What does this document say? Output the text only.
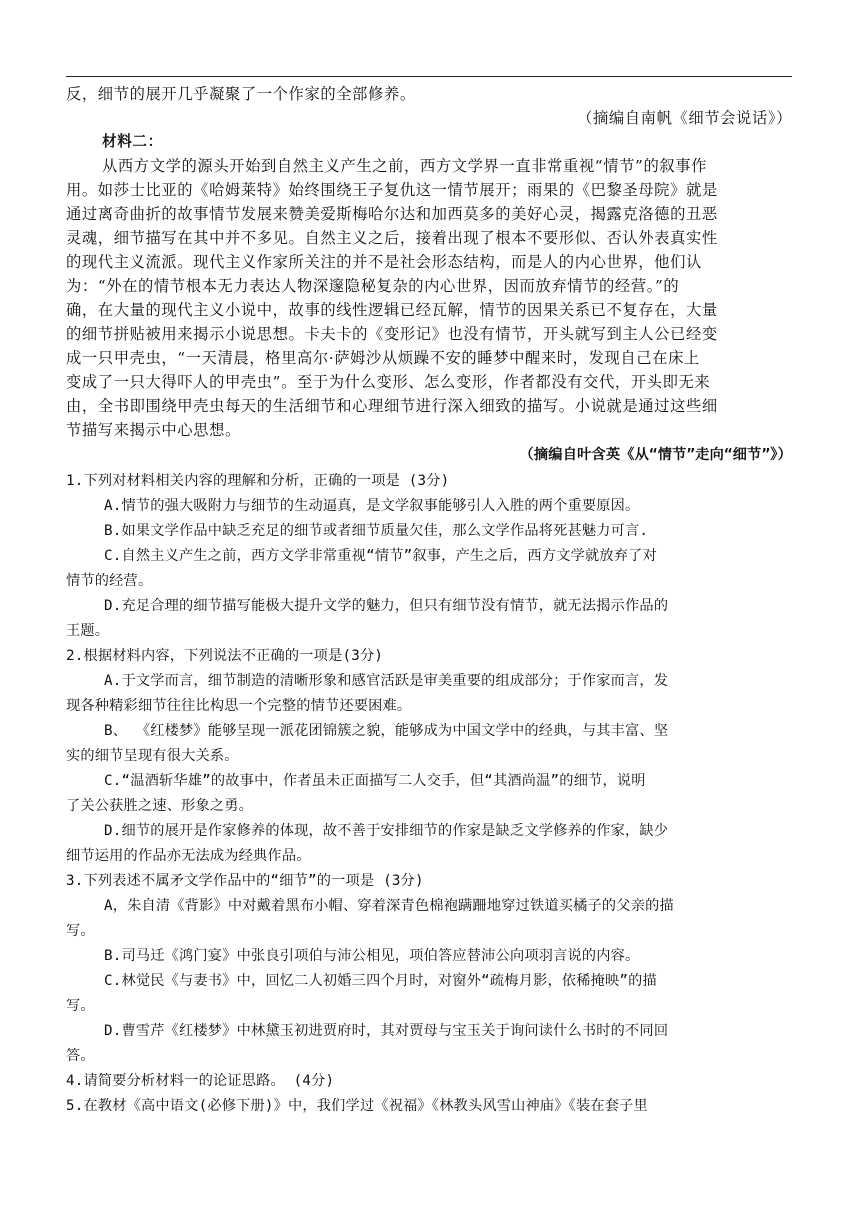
反，细节的展开几乎凝聚了一个作家的全部修养。
（摘编自南帆《细节会说话》）
材料二：
从西方文学的源头开始到自然主义产生之前，西方文学界一直非常重视“情节”的叙事作
用。如莎士比亚的《哈姆莱特》始终围绕王子复仇这一情节展开；雨果的《巴黎圣母院》就是
通过离奇曲折的故事情节发展来赞美爱斯梅哈尔达和加西莫多的美好心灵，揭露克洛德的丑恶
灵魂，细节描写在其中并不多见。自然主义之后，接着出现了根本不要形似、否认外表真实性
的现代主义流派。现代主义作家所关注的并不是社会形态结构，而是人的内心世界，他们认
为：“外在的情节根本无力表达人物深邃隐秘复杂的内心世界，因而放弃情节的经营。”的
确，在大量的现代主义小说中，故事的线性逻辑已经瓦解，情节的因果关系已不复存在，大量
的细节拼贴被用来揭示小说思想。卡夫卡的《变形记》也没有情节，开头就写到主人公已经变
成一只甲壳虫，“一天清晨，格里高尔·萨姆沙从烦躁不安的睡梦中醒来时，发现自己在床上
变成了一只大得吓人的甲壳虫”。至于为什么变形、怎么变形，作者都没有交代，开头即无来
由，全书即围绕甲壳虫每天的生活细节和心理细节进行深入细致的描写。小说就是通过这些细
节描写来揭示中心思想。
（摘编自叶含英《从“情节”走向“细节”》）
1.下列对材料相关内容的理解和分析，正确的一项是 (3分)
A.情节的强大吸附力与细节的生动逼真，是文学叙事能够引人入胜的两个重要原因。
B.如果文学作品中缺乏充足的细节或者细节质量欠佳，那么文学作品将死甚魅力可言.
C.自然主义产生之前，西方文学非常重视“情节”叙事，产生之后，西方文学就放弃了对
情节的经营。
D.充足合理的细节描写能极大提升文学的魅力，但只有细节没有情节，就无法揭示作品的
王题。
2.根据材料内容，下列说法不正确的一项是(3分)
A.于文学而言，细节制造的清晰形象和感官活跃是审美重要的组成部分；于作家而言，发
现各种精彩细节往往比构思一个完整的情节还要困难。
B、 《红楼梦》能够呈现一派花团锦簇之貌，能够成为中国文学中的经典，与其丰富、坚
实的细节呈现有很大关系。
C.“温酒斩华雄”的故事中，作者虽未正面描写二人交手，但“其酒尚温”的细节，说明
了关公获胜之速、形象之勇。
D.细节的展开是作家修养的体现，故不善于安排细节的作家是缺乏文学修养的作家，缺少
细节运用的作品亦无法成为经典作品。
3.下列表述不属矛文学作品中的“细节”的一项是 (3分)
A，朱自清《背影》中对戴着黑布小帽、穿着深青色棉袍蹒跚地穿过铁道买橘子的父亲的描
写。
B.司马迁《鸿门宴》中张良引项伯与沛公相见，项伯答应替沛公向项羽言说的内容。
C.林觉民《与妻书》中，回忆二人初婚三四个月时，对窗外“疏梅月影，依稀掩映”的描
写。
D.曹雪芹《红楼梦》中林黛玉初进贾府时，其对贾母与宝玉关于询问读什么书时的不同回
答。
4.请简要分析材料一的论证思路。 (4分)
5.在教材《高中语文(必修下册)》中，我们学过《祝福》《林教头风雪山神庙》《装在套子里
